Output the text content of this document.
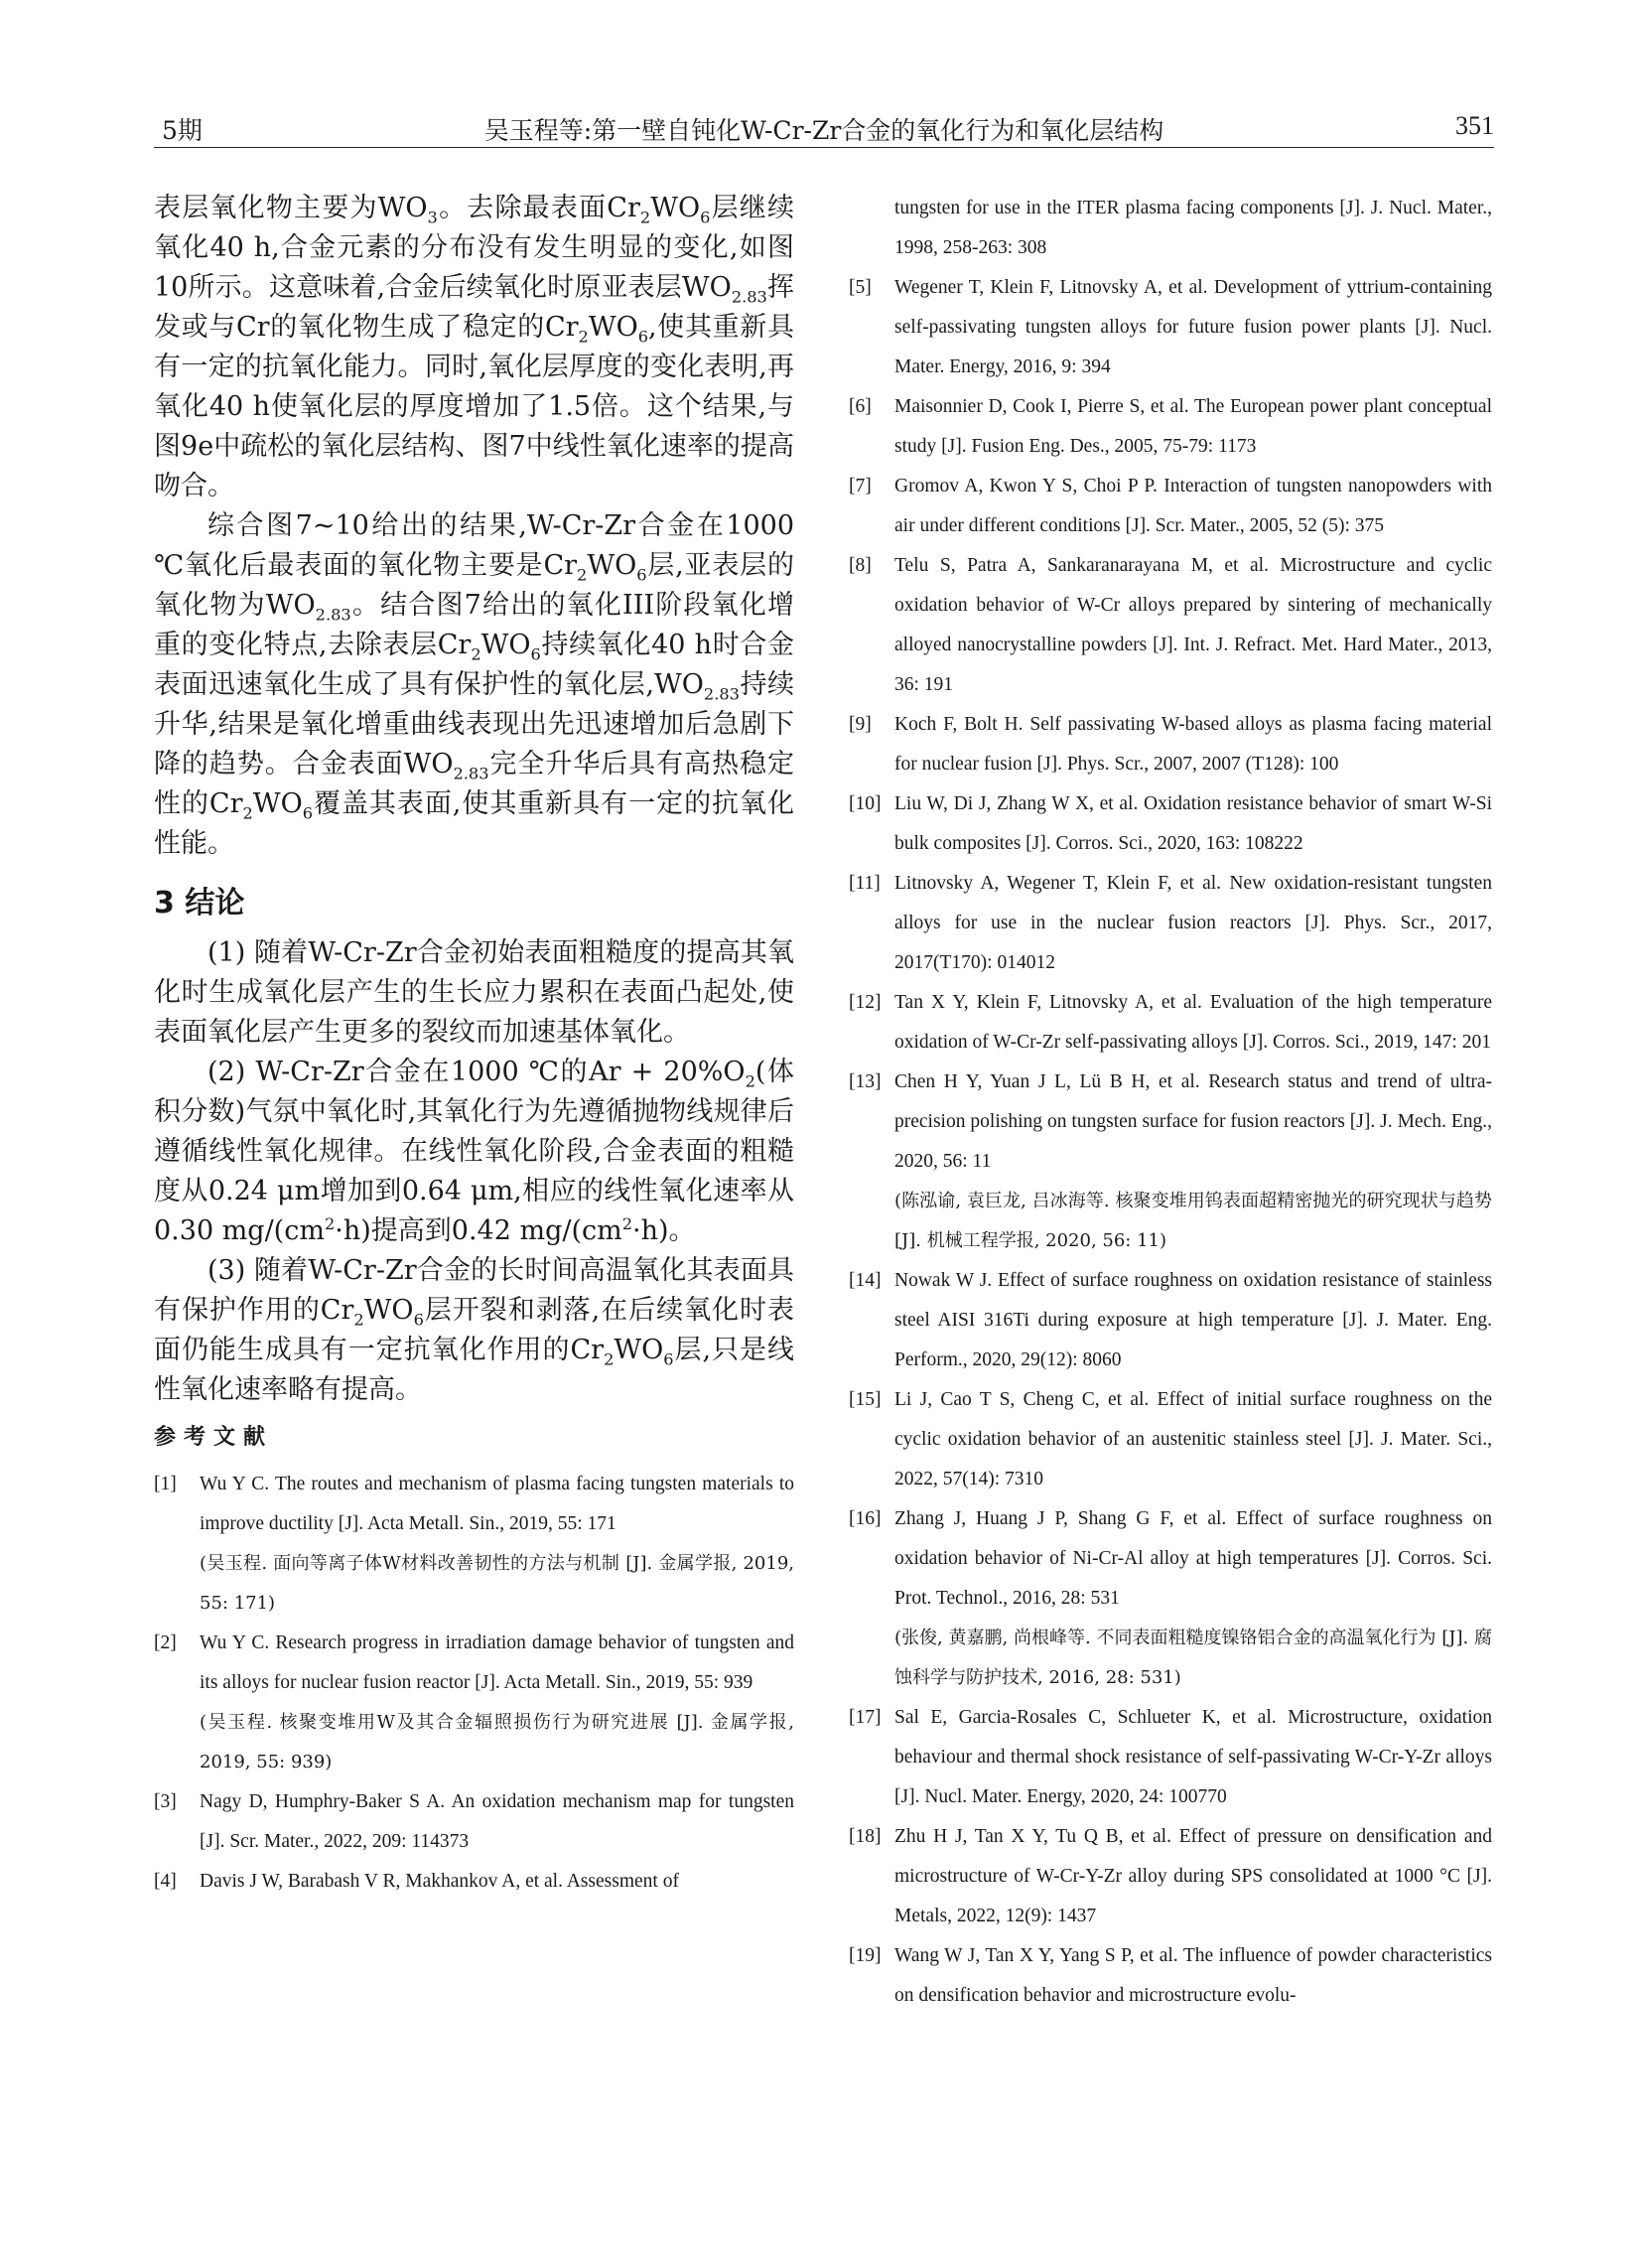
5期	吴玉程等:第一壁自钝化W-Cr-Zr合金的氧化行为和氧化层结构	351

表层氧化物主要为$WO_3$。去除最表面$Cr_2WO_6$层继续氧化40 h,合金元素的分布没有发生明显的变化,如图10所示。这意味着,合金后续氧化时原亚表层$WO_{2.83}$挥发或与Cr的氧化物生成了稳定的$Cr_2WO_6$,使其重新具有一定的抗氧化能力。同时,氧化层厚度的变化表明,再氧化40 h使氧化层的厚度增加了1.5倍。这个结果,与图9e中疏松的氧化层结构、图7中线性氧化速率的提高吻合。

综合图7~10给出的结果,W-Cr-Zr合金在1000 ℃氧化后最表面的氧化物主要是$Cr_2WO_6$层,亚表层的氧化物为$WO_{2.83}$。结合图7给出的氧化III阶段氧化增重的变化特点,去除表层$Cr_2WO_6$持续氧化40 h时合金表面迅速氧化生成了具有保护性的氧化层$,WO_{2.83}$持续升华,结果是氧化增重曲线表现出先迅速增加后急剧下降的趋势。合金表面$WO_{2.83}$完全升华后具有高热稳定性的$Cr_2WO_6$覆盖其表面,使其重新具有一定的抗氧化性能。

3 结论

(1) 随着W-Cr-Zr合金初始表面粗糙度的提高其氧化时生成氧化层产生的生长应力累积在表面凸起处,使表面氧化层产生更多的裂纹而加速基体氧化。

(2) W-Cr-Zr合金在1000 ℃的$Ar + 20\%O_2$(体积分数)气氛中氧化时,其氧化行为先遵循抛物线规律后遵循线性氧化规律。在线性氧化阶段,合金表面的粗糙度从0.24 μm增加到0.64 μm,相应的线性氧化速率从0.30 $mg/(cm^2\cdot h)$提高到0.42 $mg/(cm^2\cdot h)$。

(3) 随着W-Cr-Zr合金的长时间高温氧化其表面具有保护作用的$Cr_2WO_6$层开裂和剥落,在后续氧化时表面仍能生成具有一定抗氧化作用的$Cr_2WO_6$层,只是线性氧化速率略有提高。

参考文献
[1] Wu Y C. The routes and mechanism of plasma facing tungsten materials to improve ductility [J]. Acta Metall. Sin., 2019, 55: 171
(吴玉程. 面向等离子体W材料改善韧性的方法与机制 [J]. 金属学报, 2019, 55: 171)
[2] Wu Y C. Research progress in irradiation damage behavior of tungsten and its alloys for nuclear fusion reactor [J]. Acta Metall. Sin., 2019, 55: 939
(吴玉程. 核聚变堆用W及其合金辐照损伤行为研究进展 [J]. 金属学报, 2019, 55: 939)
[3] Nagy D, Humphry-Baker S A. An oxidation mechanism map for tungsten [J]. Scr. Mater., 2022, 209: 114373
[4] Davis J W, Barabash V R, Makhankov A, et al. Assessment of
tungsten for use in the ITER plasma facing components [J]. J. Nucl. Mater., 1998, 258-263: 308
[5] Wegener T, Klein F, Litnovsky A, et al. Development of yttrium-containing self-passivating tungsten alloys for future fusion power plants [J]. Nucl. Mater. Energy, 2016, 9: 394
[6] Maisonnier D, Cook I, Pierre S, et al. The European power plant conceptual study [J]. Fusion Eng. Des., 2005, 75-79: 1173
[7] Gromov A, Kwon Y S, Choi P P. Interaction of tungsten nanopowders with air under different conditions [J]. Scr. Mater., 2005, 52 (5): 375
[8] Telu S, Patra A, Sankaranarayana M, et al. Microstructure and cyclic oxidation behavior of W-Cr alloys prepared by sintering of mechanically alloyed nanocrystalline powders [J]. Int. J. Refract. Met. Hard Mater., 2013, 36: 191
[9] Koch F, Bolt H. Self passivating W-based alloys as plasma facing material for nuclear fusion [J]. Phys. Scr., 2007, 2007 (T128): 100
[10] Liu W, Di J, Zhang W X, et al. Oxidation resistance behavior of smart W-Si bulk composites [J]. Corros. Sci., 2020, 163: 108222
[11] Litnovsky A, Wegener T, Klein F, et al. New oxidation-resistant tungsten alloys for use in the nuclear fusion reactors [J]. Phys. Scr., 2017, 2017(T170): 014012
[12] Tan X Y, Klein F, Litnovsky A, et al. Evaluation of the high temperature oxidation of W-Cr-Zr self-passivating alloys [J]. Corros. Sci., 2019, 147: 201
[13] Chen H Y, Yuan J L, Lü B H, et al. Research status and trend of ultra-precision polishing on tungsten surface for fusion reactors [J]. J. Mech. Eng., 2020, 56: 11
(陈泓谕, 袁巨龙, 吕冰海等. 核聚变堆用钨表面超精密抛光的研究现状与趋势 [J]. 机械工程学报, 2020, 56: 11)
[14] Nowak W J. Effect of surface roughness on oxidation resistance of stainless steel AISI 316Ti during exposure at high temperature [J]. J. Mater. Eng. Perform., 2020, 29(12): 8060
[15] Li J, Cao T S, Cheng C, et al. Effect of initial surface roughness on the cyclic oxidation behavior of an austenitic stainless steel [J]. J. Mater. Sci., 2022, 57(14): 7310
[16] Zhang J, Huang J P, Shang G F, et al. Effect of surface roughness on oxidation behavior of Ni-Cr-Al alloy at high temperatures [J]. Corros. Sci. Prot. Technol., 2016, 28: 531
(张俊, 黄嘉鹏, 尚根峰等. 不同表面粗糙度镍铬铝合金的高温氧化行为 [J]. 腐蚀科学与防护技术, 2016, 28: 531)
[17] Sal E, Garcia-Rosales C, Schlueter K, et al. Microstructure, oxidation behaviour and thermal shock resistance of self-passivating W-Cr-Y-Zr alloys [J]. Nucl. Mater. Energy, 2020, 24: 100770
[18] Zhu H J, Tan X Y, Tu Q B, et al. Effect of pressure on densification and microstructure of W-Cr-Y-Zr alloy during SPS consolidated at 1000 °C [J]. Metals, 2022, 12(9): 1437
[19] Wang W J, Tan X Y, Yang S P, et al. The influence of powder characteristics on densification behavior and microstructure evolu-
